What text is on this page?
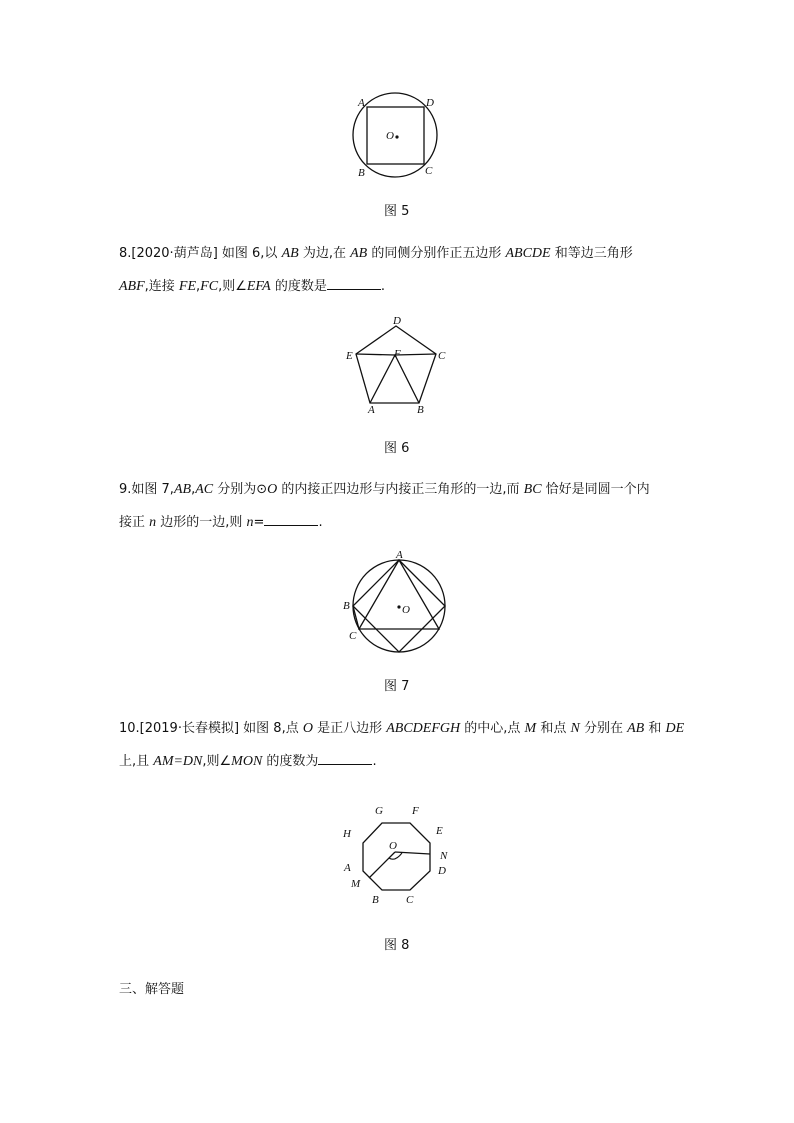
A	D
B	C
O
图 5
8.[2020·葫芦岛] 如图 6,以 AB 为边,在 AB 的同侧分别作正五边形 ABCDE 和等边三角形
ABF,连接 FE,FC,则∠EFA 的度数是	.
D
E	C
F
A	B
图 6
9.如图 7,AB,AC 分别为⊙O 的内接正四边形与内接正三角形的一边,而 BC 恰好是同圆一个内
接正 n 边形的一边,则 n=	.
A
B
C
O
图 7
10.[2019·长春模拟] 如图 8,点 O 是正八边形 ABCDEFGH 的中心,点 M 和点 N 分别在 AB 和 DE
上,且 AM=DN,则∠MON 的度数为	.
G	F
H	E
O
N
A	D
M
B C
图 8
三、解答题
